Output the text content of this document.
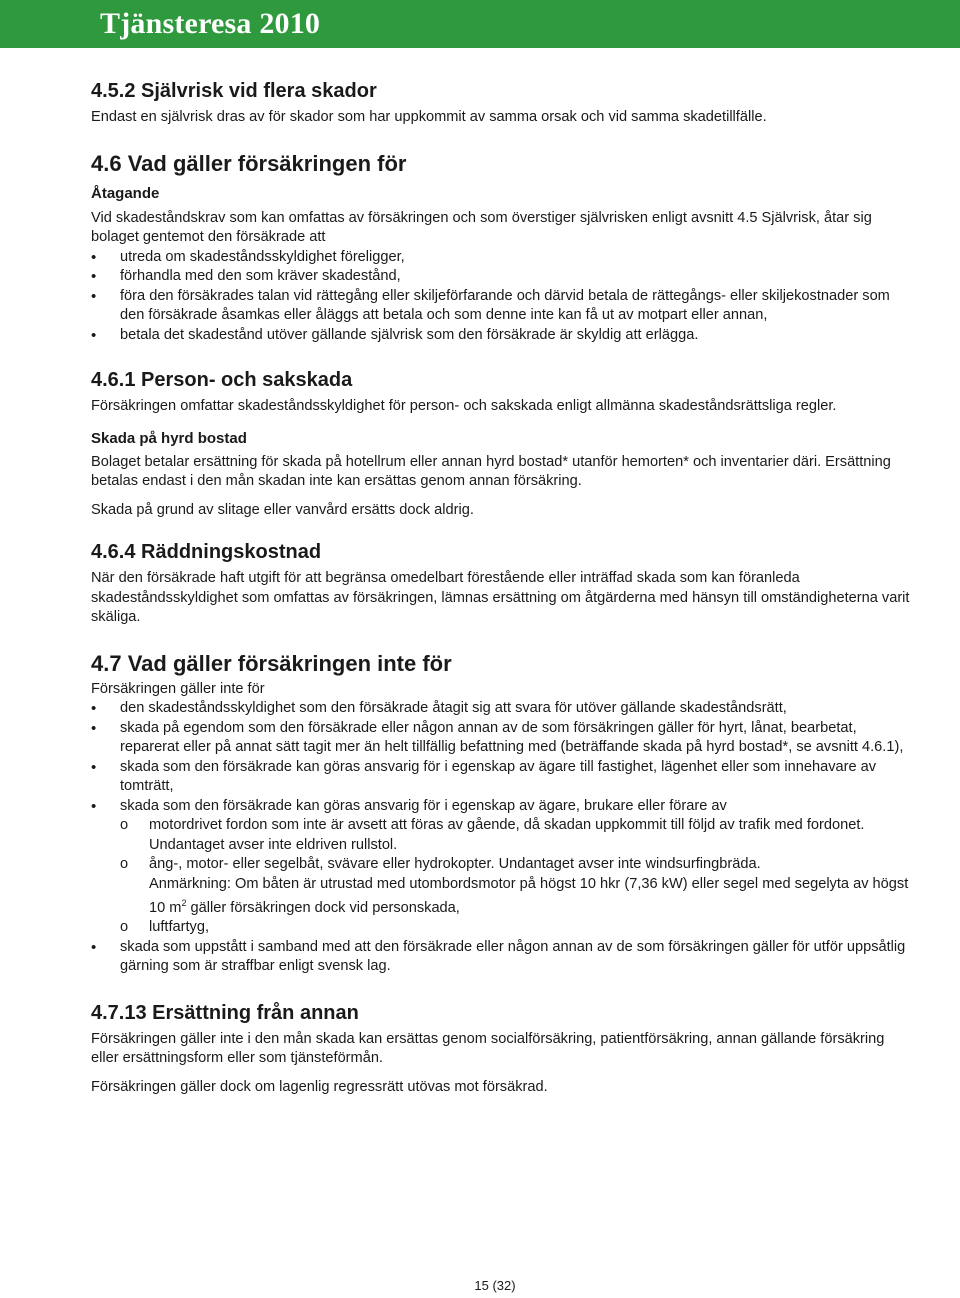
Tjänsteresa 2010
4.5.2 Självrisk vid flera skador

Endast en självrisk dras av för skador som har uppkommit av samma orsak och vid samma skadetillfälle.

4.6 Vad gäller försäkringen för
Åtagande

Vid skadeståndskrav som kan omfattas av försäkringen och som överstiger självrisken enligt avsnitt 4.5 Självrisk, åtar sig bolaget gentemot den försäkrade att

• utreda om skadeståndsskyldighet föreligger,
• förhandla med den som kräver skadestånd,
• föra den försäkrades talan vid rättegång eller skiljeförfarande och därvid betala de rättegångs- eller skiljekostnader som den försäkrade åsamkas eller åläggs att betala och som denne inte kan få ut av motpart eller annan,
• betala det skadestånd utöver gällande självrisk som den försäkrade är skyldig att erlägga.
4.6.1 Person- och sakskada

Försäkringen omfattar skadeståndsskyldighet för person- och sakskada enligt allmänna skadeståndsrättsliga regler.

Skada på hyrd bostad

Bolaget betalar ersättning för skada på hotellrum eller annan hyrd bostad* utanför hemorten* och inventarier däri. Ersättning betalas endast i den mån skadan inte kan ersättas genom annan försäkring.

Skada på grund av slitage eller vanvård ersätts dock aldrig.

4.6.4 Räddningskostnad

När den försäkrade haft utgift för att begränsa omedelbart förestående eller inträffad skada som kan föranleda skadeståndsskyldighet som omfattas av försäkringen, lämnas ersättning om åtgärderna med hänsyn till omständigheterna varit skäliga.

4.7 Vad gäller försäkringen inte för

Försäkringen gäller inte för

• den skadeståndsskyldighet som den försäkrade åtagit sig att svara för utöver gällande skadeståndsrätt,
• skada på egendom som den försäkrade eller någon annan av de som försäkringen gäller för hyrt, lånat, bearbetat, reparerat eller på annat sätt tagit mer än helt tillfällig befattning med (beträffande skada på hyrd bostad*, se avsnitt 4.6.1),
• skada som den försäkrade kan göras ansvarig för i egenskap av ägare till fastighet, lägenhet eller som innehavare av tomträtt,
• skada som den försäkrade kan göras ansvarig för i egenskap av ägare, brukare eller förare av
o motordrivet fordon som inte är avsett att föras av gående, då skadan uppkommit till följd av trafik med fordonet. Undantaget avser inte eldriven rullstol.
o ång-, motor- eller segelbåt, svävare eller hydrokopter. Undantaget avser inte windsurfingbräda.
Anmärkning: Om båten är utrustad med utombordsmotor på högst 10 hkr (7,36 kW) eller segel med segelyta av högst 10 $m^2$ gäller försäkringen dock vid personskada,
o luftfartyg,
• skada som uppstått i samband med att den försäkrade eller någon annan av de som försäkringen gäller för utför uppsåtlig gärning som är straffbar enligt svensk lag.
4.7.13 Ersättning från annan

Försäkringen gäller inte i den mån skada kan ersättas genom socialförsäkring, patientförsäkring, annan gällande försäkring eller ersättningsform eller som tjänsteförmån.

Försäkringen gäller dock om lagenlig regressrätt utövas mot försäkrad.

15 (32)
